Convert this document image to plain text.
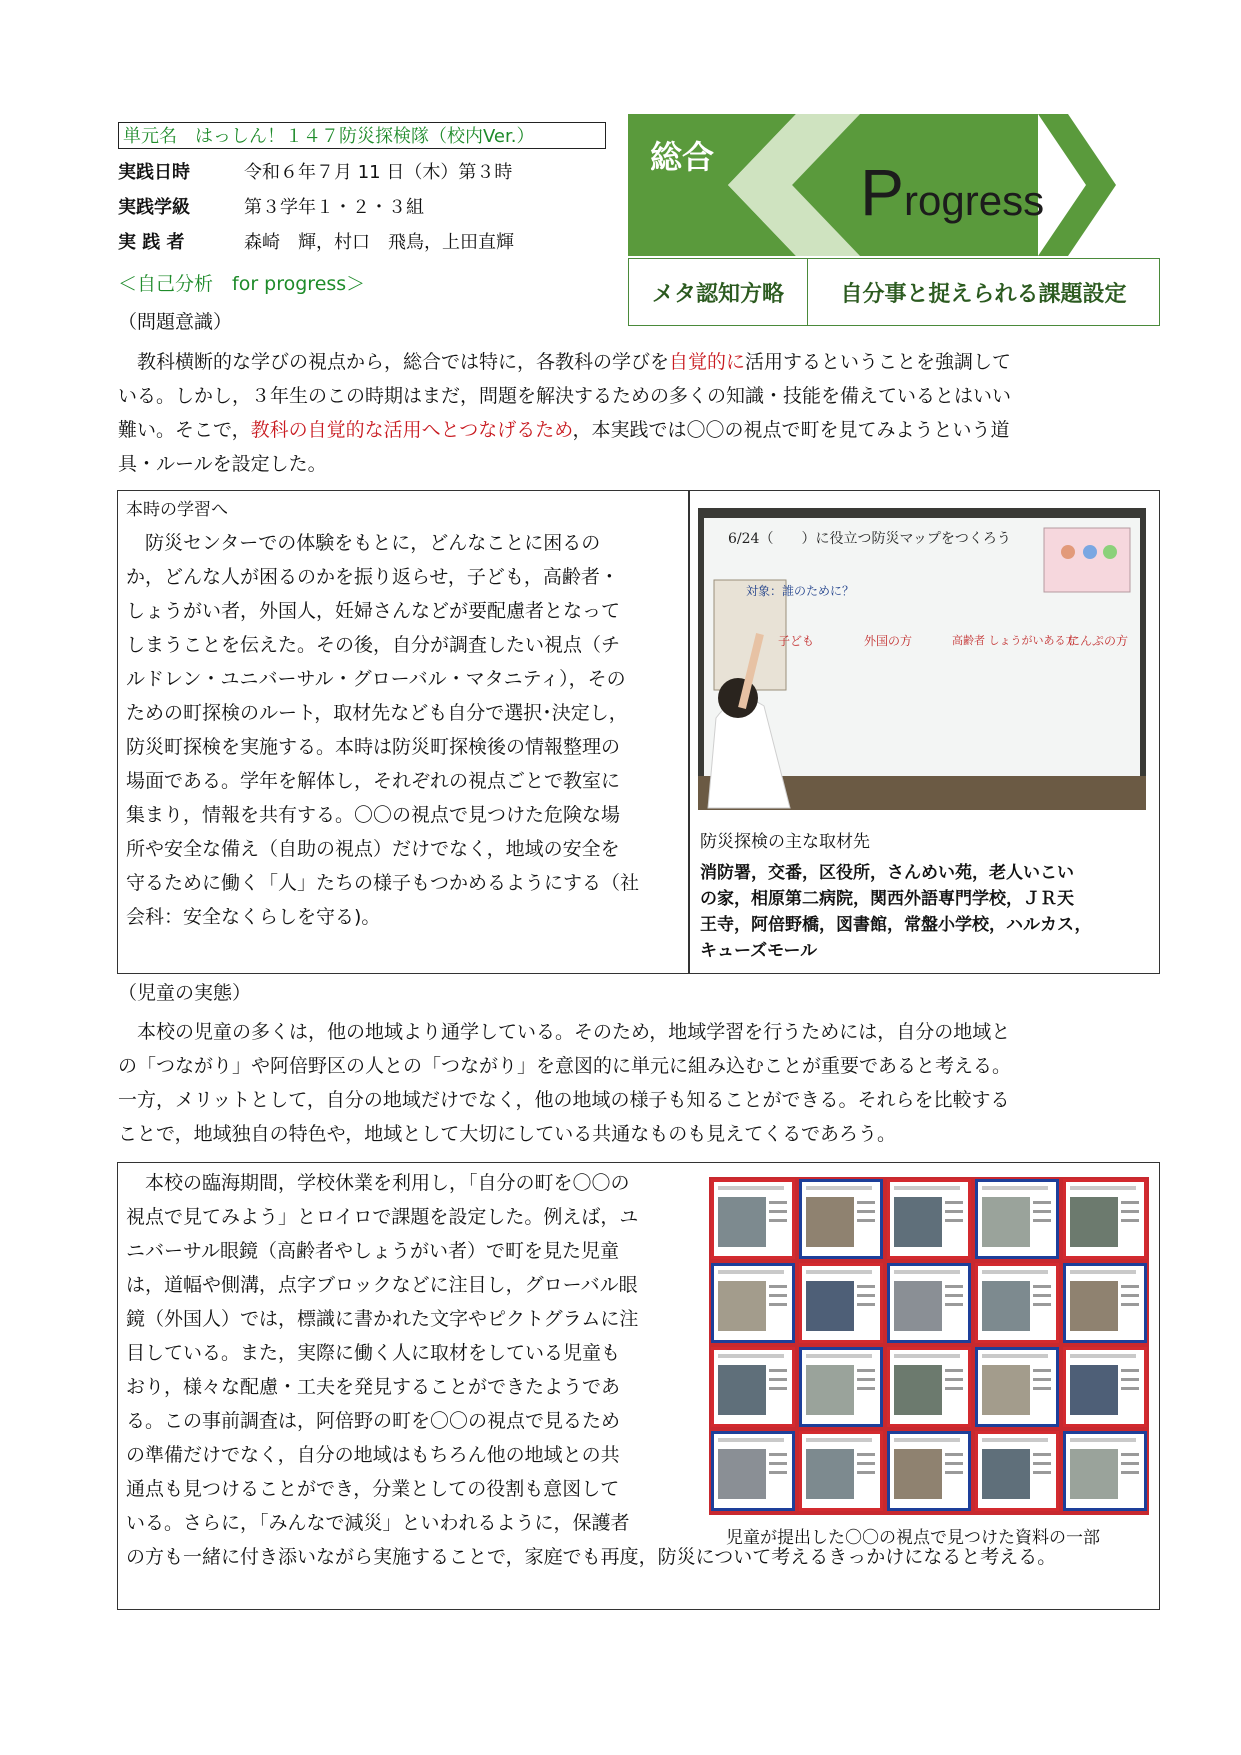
単元名　はっしん！１４７防災探検隊（校内Ver.）
実践日時	令和６年７月 11 日（木）第３時
実践学級	第３学年１・２・３組
実 践 者	森崎　輝，村口　飛鳥，上田直輝
＜自己分析　for progress＞
総合 Progress
メタ認知方略	自分事と捉えられる課題設定
（問題意識）
　教科横断的な学びの視点から，総合では特に，各教科の学びを自覚的に活用するということを強調して
いる。しかし，３年生のこの時期はまだ，問題を解決するための多くの知識・技能を備えているとはいい
難い。そこで，教科の自覚的な活用へとつなげるため，本実践では〇〇の視点で町を見てみようという道
具・ルールを設定した。
本時の学習へ
　防災センターでの体験をもとに，どんなことに困るの
か，どんな人が困るのかを振り返らせ，子ども，高齢者・
しょうがい者，外国人，妊婦さんなどが要配慮者となって
しまうことを伝えた。その後，自分が調査したい視点（チ
ルドレン・ユニバーサル・グローバル・マタニティ），その
ための町探検のルート，取材先なども自分で選択･決定し，
防災町探検を実施する。本時は防災町探検後の情報整理の
場面である。学年を解体し，それぞれの視点ごとで教室に
集まり，情報を共有する。〇〇の視点で見つけた危険な場
所や安全な備え（自助の視点）だけでなく，地域の安全を
守るために働く「人」たちの様子もつかめるようにする（社
会科：安全なくらしを守る)。
6/24（　　）に役立つ防災マップをつくろう
対象：誰のために？
子ども	外国の方	高齢者 しょうがいある方
にんぷの方
防災探検の主な取材先
消防署，交番，区役所，さんめい苑，老人いこい
の家，相原第二病院，関西外語専門学校，ＪＲ天
王寺，阿倍野橋，図書館，常盤小学校，ハルカス，
キューズモール
（児童の実態）
　本校の児童の多くは，他の地域より通学している。そのため，地域学習を行うためには，自分の地域と
の「つながり」や阿倍野区の人との「つながり」を意図的に単元に組み込むことが重要であると考える。
一方，メリットとして，自分の地域だけでなく，他の地域の様子も知ることができる。それらを比較する
ことで，地域独自の特色や，地域として大切にしている共通なものも見えてくるであろう。
　本校の臨海期間，学校休業を利用し，「自分の町を〇〇の
視点で見てみよう」とロイロで課題を設定した。例えば，ユ
ニバーサル眼鏡（高齢者やしょうがい者）で町を見た児童
は，道幅や側溝，点字ブロックなどに注目し，グローバル眼
鏡（外国人）では，標識に書かれた文字やピクトグラムに注
目している。また，実際に働く人に取材をしている児童も
おり，様々な配慮・工夫を発見することができたようであ
る。この事前調査は，阿倍野の町を〇〇の視点で見るため
の準備だけでなく，自分の地域はもちろん他の地域との共
通点も見つけることができ，分業としての役割も意図して
いる。さらに，「みんなで減災」といわれるように，保護者
の方も一緒に付き添いながら実施することで，家庭でも再度，防災について考えるきっかけになると考える。
児童が提出した〇〇の視点で見つけた資料の一部
